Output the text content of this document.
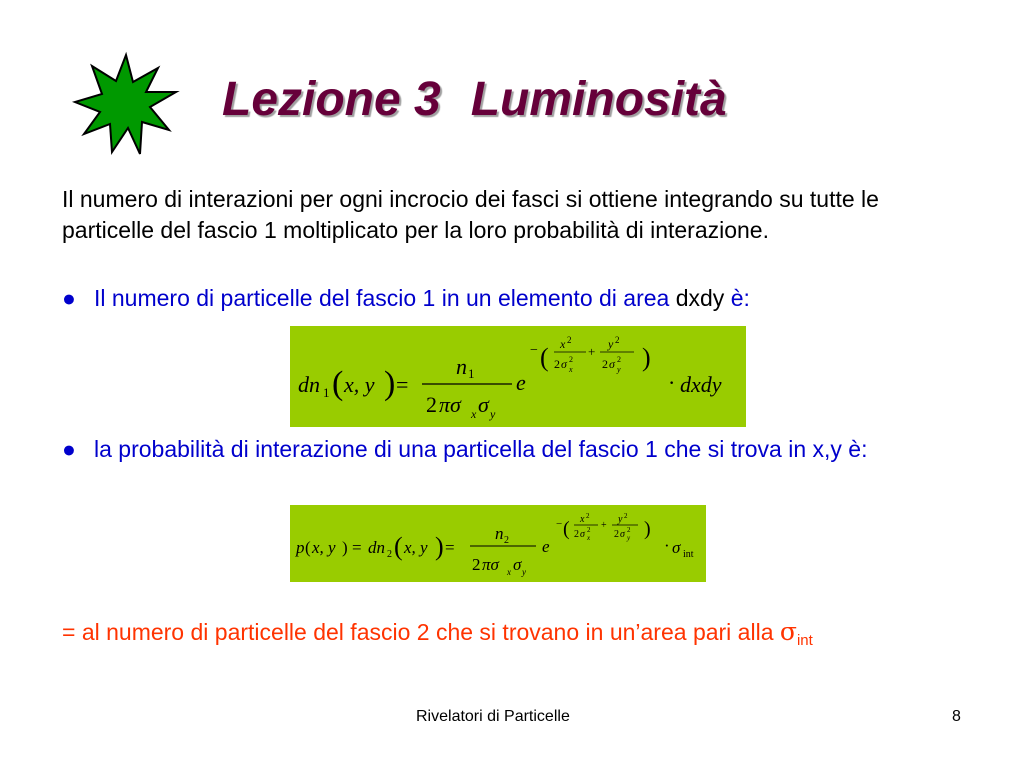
Lezione 3 Luminosità
Il numero di interazioni per ogni incrocio dei fasci si ottiene integrando su tutte le particelle del fascio 1 moltiplicato per la loro probabilità di interazione.
● Il numero di particelle del fascio 1 in un elemento di area dxdy è:
dn 1 ( x, y ) =
n 1
2 πσ x σ y
e
− ( x 2
2 σ x
2
+ y 2
2 σ y
2 )
· dxdy
● la probabilità di interazione di una particella del fascio 1 che si trova in x,y è:
p ( x, y ) = dn 2 ( x, y ) =
n 2
2 πσ x σ y
e
− ( x 2
2 σ x
2 +
y 2
2 σ y
2 )
· σ int
= al numero di particelle del fascio 2 che si trovano in un’area pari alla $\sigma_{int}$
Rivelatori di Particelle	8
